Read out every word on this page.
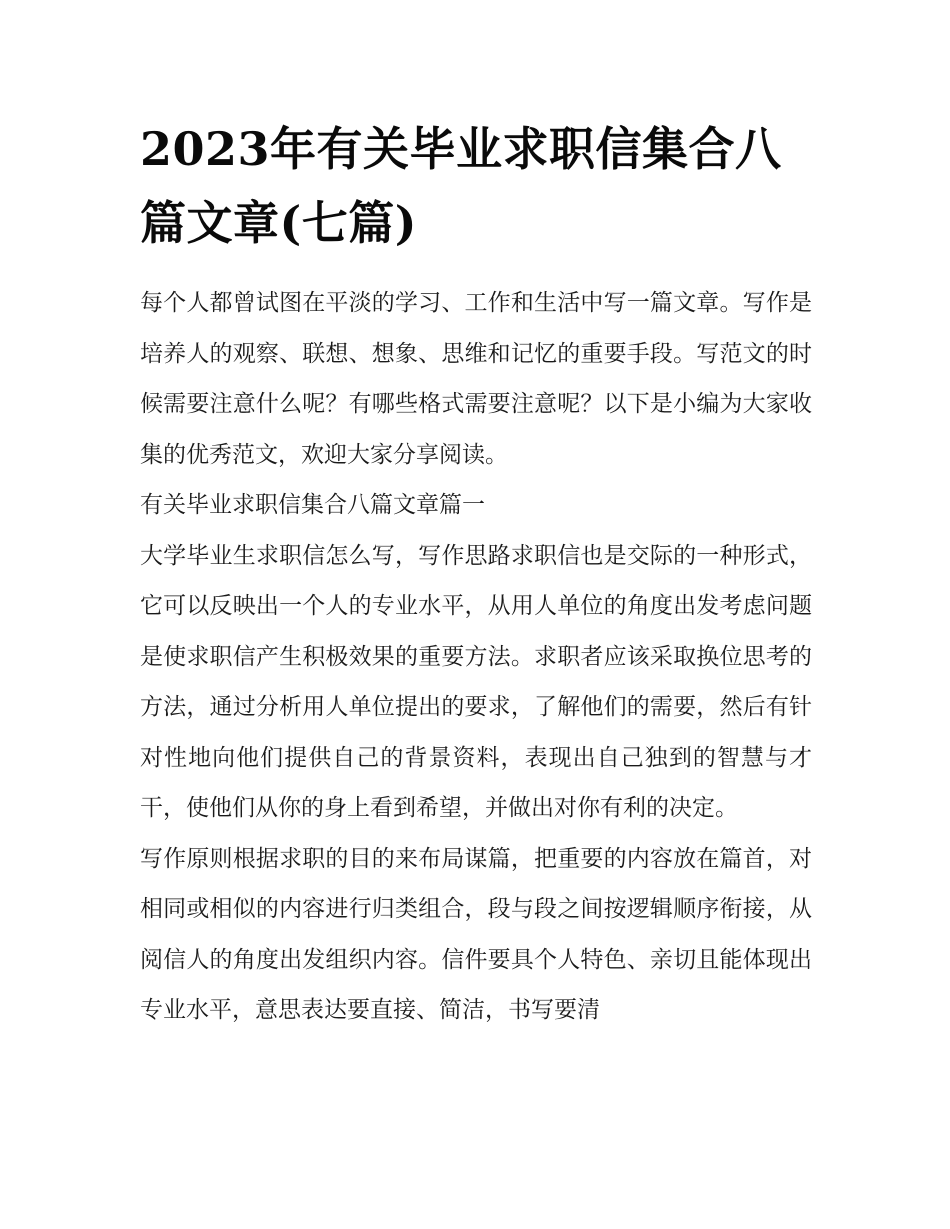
2023年有关毕业求职信集合八篇文章(七篇)

每个人都曾试图在平淡的学习、工作和生活中写一篇文章。写作是培养人的观察、联想、想象、思维和记忆的重要手段。写范文的时候需要注意什么呢？有哪些格式需要注意呢？以下是小编为大家收集的优秀范文，欢迎大家分享阅读。

有关毕业求职信集合八篇文章篇一

大学毕业生求职信怎么写，写作思路求职信也是交际的一种形式，它可以反映出一个人的专业水平，从用人单位的角度出发考虑问题是使求职信产生积极效果的重要方法。求职者应该采取换位思考的方法，通过分析用人单位提出的要求，了解他们的需要，然后有针对性地向他们提供自己的背景资料，表现出自己独到的智慧与才干，使他们从你的身上看到希望，并做出对你有利的决定。

写作原则根据求职的目的来布局谋篇，把重要的内容放在篇首，对相同或相似的内容进行归类组合，段与段之间按逻辑顺序衔接，从阅信人的角度出发组织内容。信件要具个人特色、亲切且能体现出专业水平，意思表达要直接、简洁，书写要清
